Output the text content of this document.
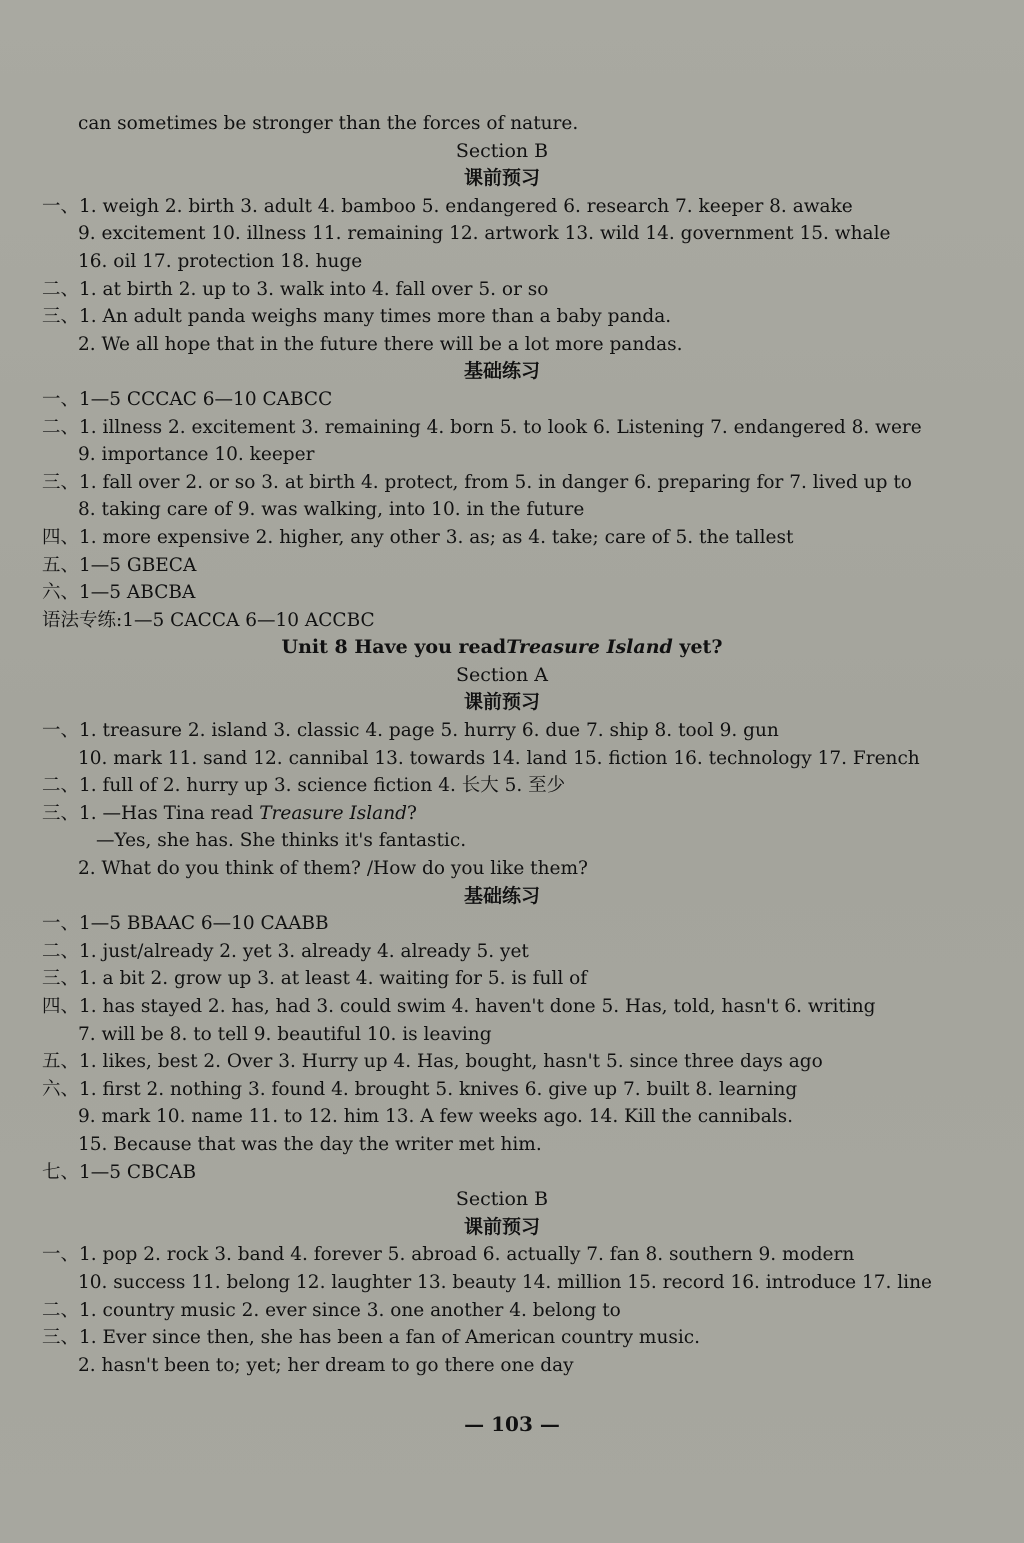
can sometimes be stronger than the forces of nature.
Section B
课前预习
一、1. weigh 2. birth 3. adult 4. bamboo 5. endangered 6. research 7. keeper 8. awake
9. excitement 10. illness 11. remaining 12. artwork 13. wild 14. government 15. whale
16. oil 17. protection 18. huge
二、1. at birth 2. up to 3. walk into 4. fall over 5. or so
三、1. An adult panda weighs many times more than a baby panda.
2. We all hope that in the future there will be a lot more pandas.
基础练习
一、1—5 CCCAC 6—10 CABCC
二、1. illness 2. excitement 3. remaining 4. born 5. to look 6. Listening 7. endangered 8. were
9. importance 10. keeper
三、1. fall over 2. or so 3. at birth 4. protect, from 5. in danger 6. preparing for 7. lived up to
8. taking care of 9. was walking, into 10. in the future
四、1. more expensive 2. higher, any other 3. as; as 4. take; care of 5. the tallest
五、1—5 GBECA
六、1—5 ABCBA
语法专练:1—5 CACCA 6—10 ACCBC
Unit 8 Have you readTreasure Island yet?
Section A
课前预习
一、1. treasure 2. island 3. classic 4. page 5. hurry 6. due 7. ship 8. tool 9. gun
10. mark 11. sand 12. cannibal 13. towards 14. land 15. fiction 16. technology 17. French
二、1. full of 2. hurry up 3. science fiction 4. 长大 5. 至少
三、1. —Has Tina read Treasure Island?
—Yes, she has. She thinks it's fantastic.
2. What do you think of them? /How do you like them?
基础练习
一、1—5 BBAAC 6—10 CAABB
二、1. just/already 2. yet 3. already 4. already 5. yet
三、1. a bit 2. grow up 3. at least 4. waiting for 5. is full of
四、1. has stayed 2. has, had 3. could swim 4. haven't done 5. Has, told, hasn't 6. writing
7. will be 8. to tell 9. beautiful 10. is leaving
五、1. likes, best 2. Over 3. Hurry up 4. Has, bought, hasn't 5. since three days ago
六、1. first 2. nothing 3. found 4. brought 5. knives 6. give up 7. built 8. learning
9. mark 10. name 11. to 12. him 13. A few weeks ago. 14. Kill the cannibals.
15. Because that was the day the writer met him.
七、1—5 CBCAB
Section B
课前预习
一、1. pop 2. rock 3. band 4. forever 5. abroad 6. actually 7. fan 8. southern 9. modern
10. success 11. belong 12. laughter 13. beauty 14. million 15. record 16. introduce 17. line
二、1. country music 2. ever since 3. one another 4. belong to
三、1. Ever since then, she has been a fan of American country music.
2. hasn't been to; yet; her dream to go there one day
— 103 —
